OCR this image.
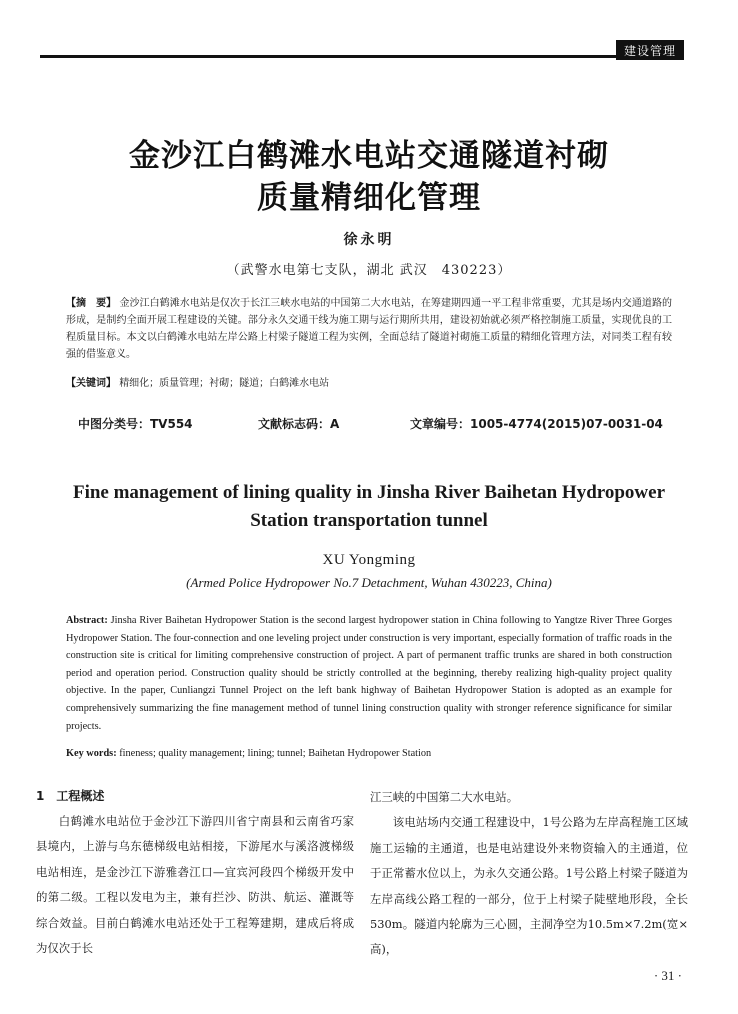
建设管理
金沙江白鹤滩水电站交通隧道衬砌
质量精细化管理
徐永明
（武警水电第七支队，湖北 武汉　430223）
【摘　要】 金沙江白鹤滩水电站是仅次于长江三峡水电站的中国第二大水电站，在筹建期四通一平工程非常重要，尤其是场内交通道路的形成，是制约全面开展工程建设的关键。部分永久交通干线为施工期与运行期所共用，建设初始就必须严格控制施工质量，实现优良的工程质量目标。本文以白鹤滩水电站左岸公路上村梁子隧道工程为实例，全面总结了隧道衬砌施工质量的精细化管理方法，对同类工程有较强的借鉴意义。
【关键词】 精细化；质量管理；衬砌；隧道；白鹤滩水电站
中图分类号：TV554	文献标志码：A	文章编号：1005-4774(2015)07-0031-04
Fine management of lining quality in Jinsha River Baihetan Hydropower
Station transportation tunnel
XU Yongming
(Armed Police Hydropower No.7 Detachment, Wuhan 430223, China)
Abstract: Jinsha River Baihetan Hydropower Station is the second largest hydropower station in China following to Yangtze River Three Gorges Hydropower Station. The four-connection and one leveling project under construction is very important, especially formation of traffic roads in the construction site is critical for limiting comprehensive construction of project. A part of permanent traffic trunks are shared in both construction period and operation period. Construction quality should be strictly controlled at the beginning, thereby realizing high-quality project quality objective. In the paper, Cunliangzi Tunnel Project on the left bank highway of Baihetan Hydropower Station is adopted as an example for comprehensively summarizing the fine management method of tunnel lining construction quality with stronger reference significance for similar projects.
Key words: fineness; quality management; lining; tunnel; Baihetan Hydropower Station
1　工程概述
白鹤滩水电站位于金沙江下游四川省宁南县和云南省巧家县境内，上游与乌东德梯级电站相接，下游尾水与溪洛渡梯级电站相连，是金沙江下游雅砻江口—宜宾河段四个梯级开发中的第二级。工程以发电为主，兼有拦沙、防洪、航运、灌溉等综合效益。目前白鹤滩水电站还处于工程筹建期，建成后将成为仅次于长

江三峡的中国第二大水电站。

该电站场内交通工程建设中，1号公路为左岸高程施工区域施工运输的主通道，也是电站建设外来物资输入的主通道，位于正常蓄水位以上，为永久交通公路。1号公路上村梁子隧道为左岸高线公路工程的一部分，位于上村梁子陡壁地形段，全长530m。隧道内轮廓为三心圆，主洞净空为10.5m×7.2m(宽×高)，

· 31 ·
